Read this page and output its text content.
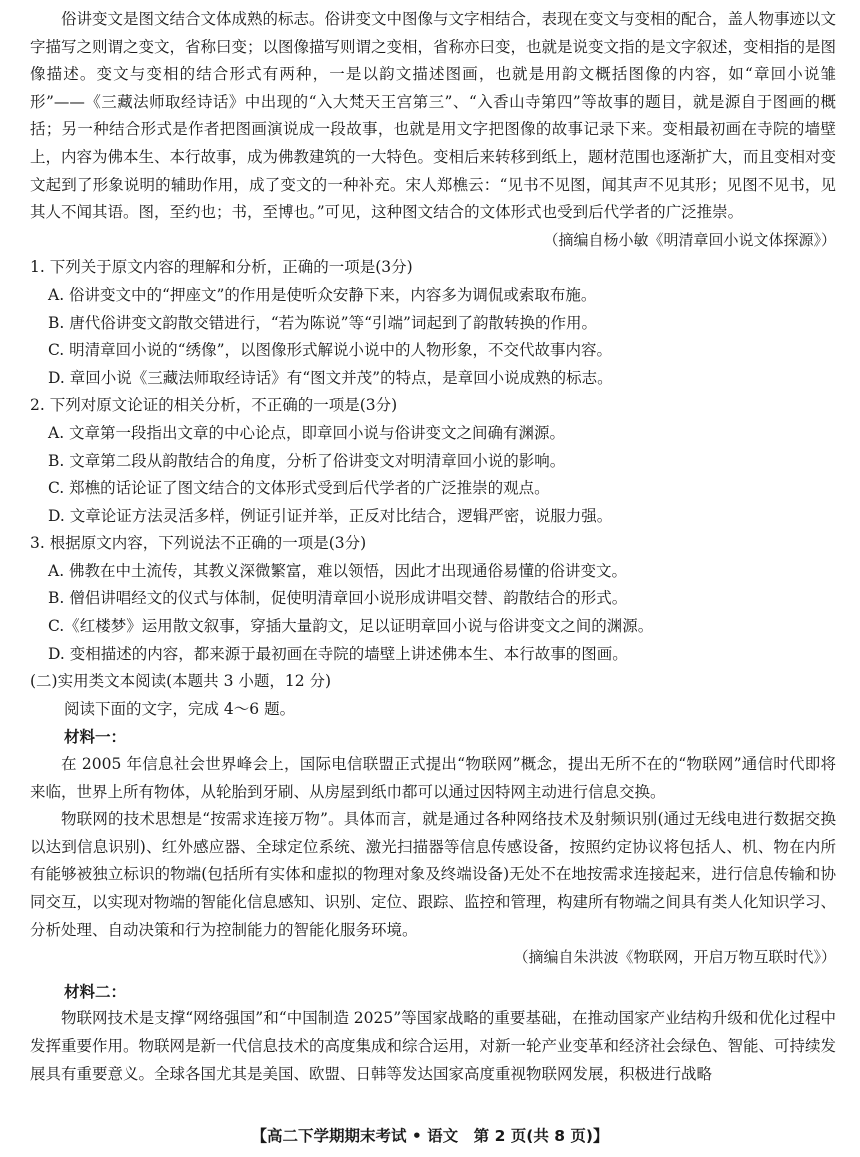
俗讲变文是图文结合文体成熟的标志。俗讲变文中图像与文字相结合，表现在变文与变相的配合，盖人物事迹以文字描写之则谓之变文，省称曰变；以图像描写则谓之变相，省称亦曰变，也就是说变文指的是文字叙述，变相指的是图像描述。变文与变相的结合形式有两种，一是以韵文描述图画，也就是用韵文概括图像的内容，如“章回小说雏形”——《三藏法师取经诗话》中出现的“入大梵天王宫第三”、“入香山寺第四”等故事的题目，就是源自于图画的概括；另一种结合形式是作者把图画演说成一段故事，也就是用文字把图像的故事记录下来。变相最初画在寺院的墙壁上，内容为佛本生、本行故事，成为佛教建筑的一大特色。变相后来转移到纸上，题材范围也逐渐扩大，而且变相对变文起到了形象说明的辅助作用，成了变文的一种补充。宋人郑樵云：“见书不见图，闻其声不见其形；见图不见书，见其人不闻其语。图，至约也；书，至博也。”可见，这种图文结合的文体形式也受到后代学者的广泛推崇。

（摘编自杨小敏《明清章回小说文体探源》）

1. 下列关于原文内容的理解和分析，正确的一项是(3分)

A. 俗讲变文中的“押座文”的作用是使听众安静下来，内容多为调侃或索取布施。

B. 唐代俗讲变文韵散交错进行，“若为陈说”等“引端”词起到了韵散转换的作用。

C. 明清章回小说的“绣像”，以图像形式解说小说中的人物形象，不交代故事内容。

D. 章回小说《三藏法师取经诗话》有“图文并茂”的特点，是章回小说成熟的标志。

2. 下列对原文论证的相关分析，不正确的一项是(3分)

A. 文章第一段指出文章的中心论点，即章回小说与俗讲变文之间确有渊源。

B. 文章第二段从韵散结合的角度，分析了俗讲变文对明清章回小说的影响。

C. 郑樵的话论证了图文结合的文体形式受到后代学者的广泛推崇的观点。

D. 文章论证方法灵活多样，例证引证并举，正反对比结合，逻辑严密，说服力强。

3. 根据原文内容，下列说法不正确的一项是(3分)

A. 佛教在中土流传，其教义深微繁富，难以领悟，因此才出现通俗易懂的俗讲变文。

B. 僧侣讲唱经文的仪式与体制，促使明清章回小说形成讲唱交替、韵散结合的形式。

C.《红楼梦》运用散文叙事，穿插大量韵文，足以证明章回小说与俗讲变文之间的渊源。

D. 变相描述的内容，都来源于最初画在寺院的墙壁上讲述佛本生、本行故事的图画。

(二)实用类文本阅读(本题共 3 小题，12 分)

阅读下面的文字，完成 4～6 题。

材料一：

在 2005 年信息社会世界峰会上，国际电信联盟正式提出“物联网”概念，提出无所不在的“物联网”通信时代即将来临，世界上所有物体，从轮胎到牙刷、从房屋到纸巾都可以通过因特网主动进行信息交换。

物联网的技术思想是“按需求连接万物”。具体而言，就是通过各种网络技术及射频识别(通过无线电进行数据交换以达到信息识别)、红外感应器、全球定位系统、激光扫描器等信息传感设备，按照约定协议将包括人、机、物在内所有能够被独立标识的物端(包括所有实体和虚拟的物理对象及终端设备)无处不在地按需求连接起来，进行信息传输和协同交互，以实现对物端的智能化信息感知、识别、定位、跟踪、监控和管理，构建所有物端之间具有类人化知识学习、分析处理、自动决策和行为控制能力的智能化服务环境。

（摘编自朱洪波《物联网，开启万物互联时代》）

材料二：

物联网技术是支撑“网络强国”和“中国制造 2025”等国家战略的重要基础，在推动国家产业结构升级和优化过程中发挥重要作用。物联网是新一代信息技术的高度集成和综合运用，对新一轮产业变革和经济社会绿色、智能、可持续发展具有重要意义。全球各国尤其是美国、欧盟、日韩等发达国家高度重视物联网发展，积极进行战略

【高二下学期期末考试 • 语文　第 2 页(共 8 页)】
